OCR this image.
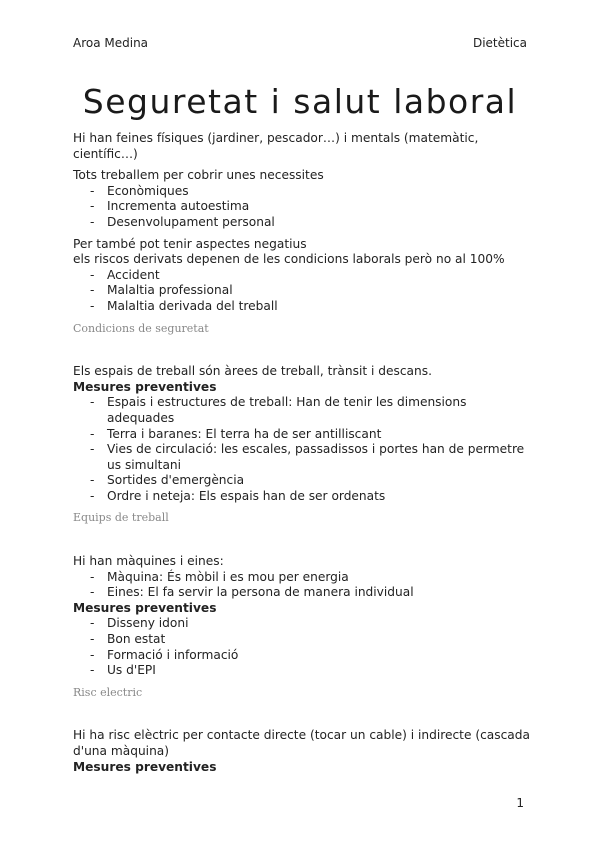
Aroa Medina	Dietètica
Seguretat i salut laboral

Hi han feines físiques (jardiner, pescador…) i mentals (matemàtic, científic…)

Tots treballem per cobrir unes necessites

- Econòmiques
- Incrementa autoestima
- Desenvolupament personal

Per també pot tenir aspectes negatius

els riscos derivats depenen de les condicions laborals però no al 100%

- Accident
- Malaltia professional
- Malaltia derivada del treball

Condicions de seguretat

Els espais de treball són àrees de treball, trànsit i descans.

Mesures preventives

- Espais i estructures de treball: Han de tenir les dimensions adequades
- Terra i baranes: El terra ha de ser antilliscant
- Vies de circulació: les escales, passadissos i portes han de permetre us simultani
- Sortides d'emergència
- Ordre i neteja: Els espais han de ser ordenats

Equips de treball

Hi han màquines i eines:

- Màquina: És mòbil i es mou per energia
- Eines: El fa servir la persona de manera individual

Mesures preventives

- Disseny idoni
- Bon estat
- Formació i informació
- Us d'EPI

Risc electric

Hi ha risc elèctric per contacte directe (tocar un cable) i indirecte (cascada d'una màquina)

Mesures preventives

1
